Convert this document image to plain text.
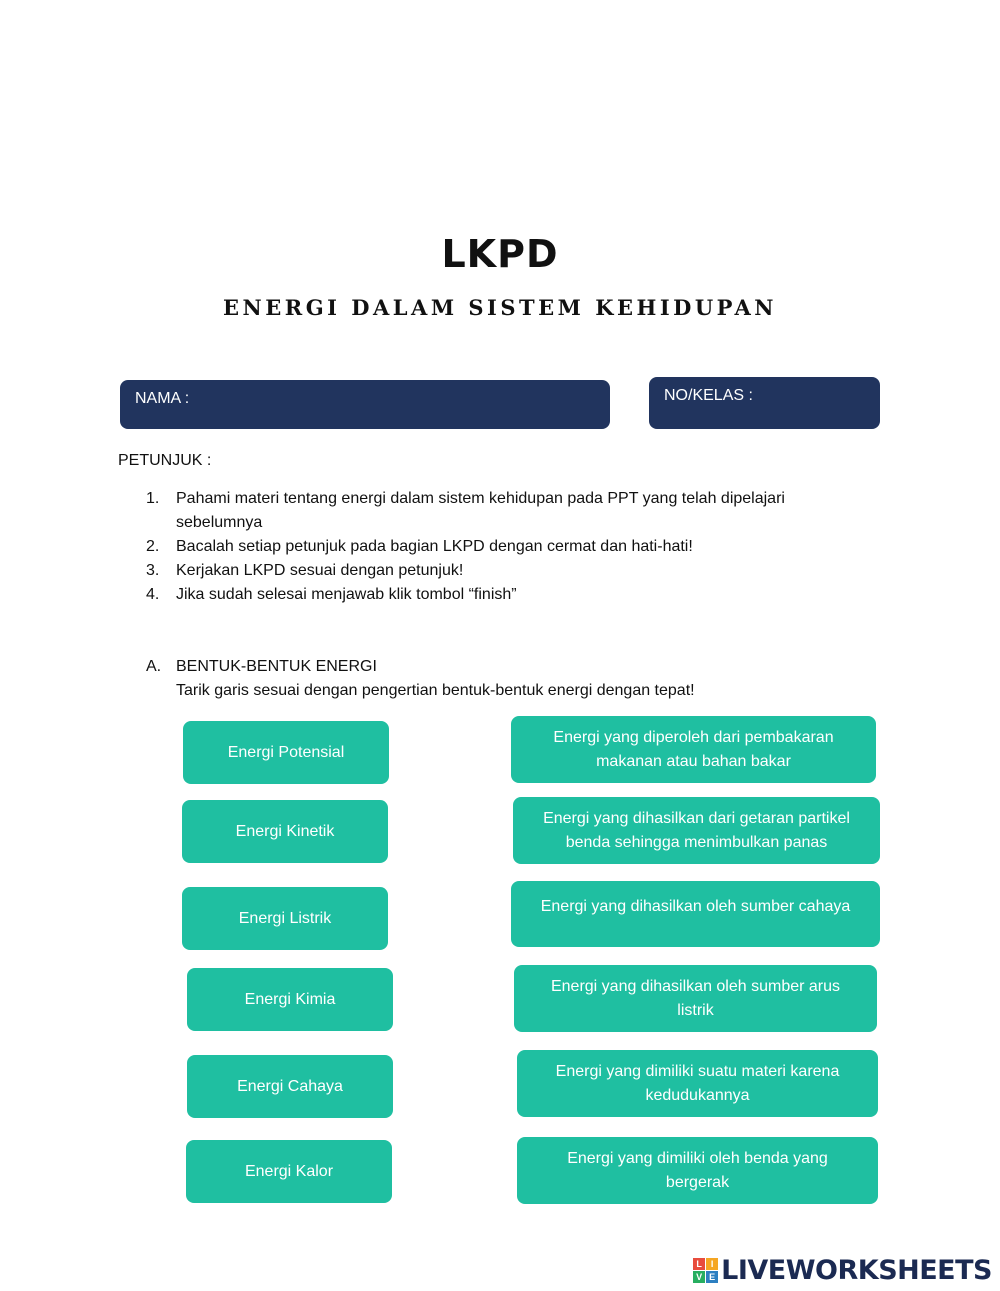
LKPD
ENERGI DALAM SISTEM KEHIDUPAN
NAMA :	NO/KELAS :
PETUNJUK :
1. Pahami materi tentang energi dalam sistem kehidupan pada PPT yang telah dipelajari sebelumnya
2. Bacalah setiap petunjuk pada bagian LKPD dengan cermat dan hati-hati!
3. Kerjakan LKPD sesuai dengan petunjuk!
4. Jika sudah selesai menjawab klik tombol “finish”
A. BENTUK-BENTUK ENERGI
Tarik garis sesuai dengan pengertian bentuk-bentuk energi dengan tepat!
Energi Potensial
Energi Kinetik
Energi Listrik
Energi Kimia
Energi Cahaya
Energi Kalor
Energi yang diperoleh dari pembakaran makanan atau bahan bakar
Energi yang dihasilkan dari getaran partikel benda sehingga menimbulkan panas
Energi yang dihasilkan oleh sumber cahaya
Energi yang dihasilkan oleh sumber arus listrik
Energi yang dimiliki suatu materi karena kedudukannya
Energi yang dimiliki oleh benda yang bergerak
L I
V E LIVEWORKSHEETS
